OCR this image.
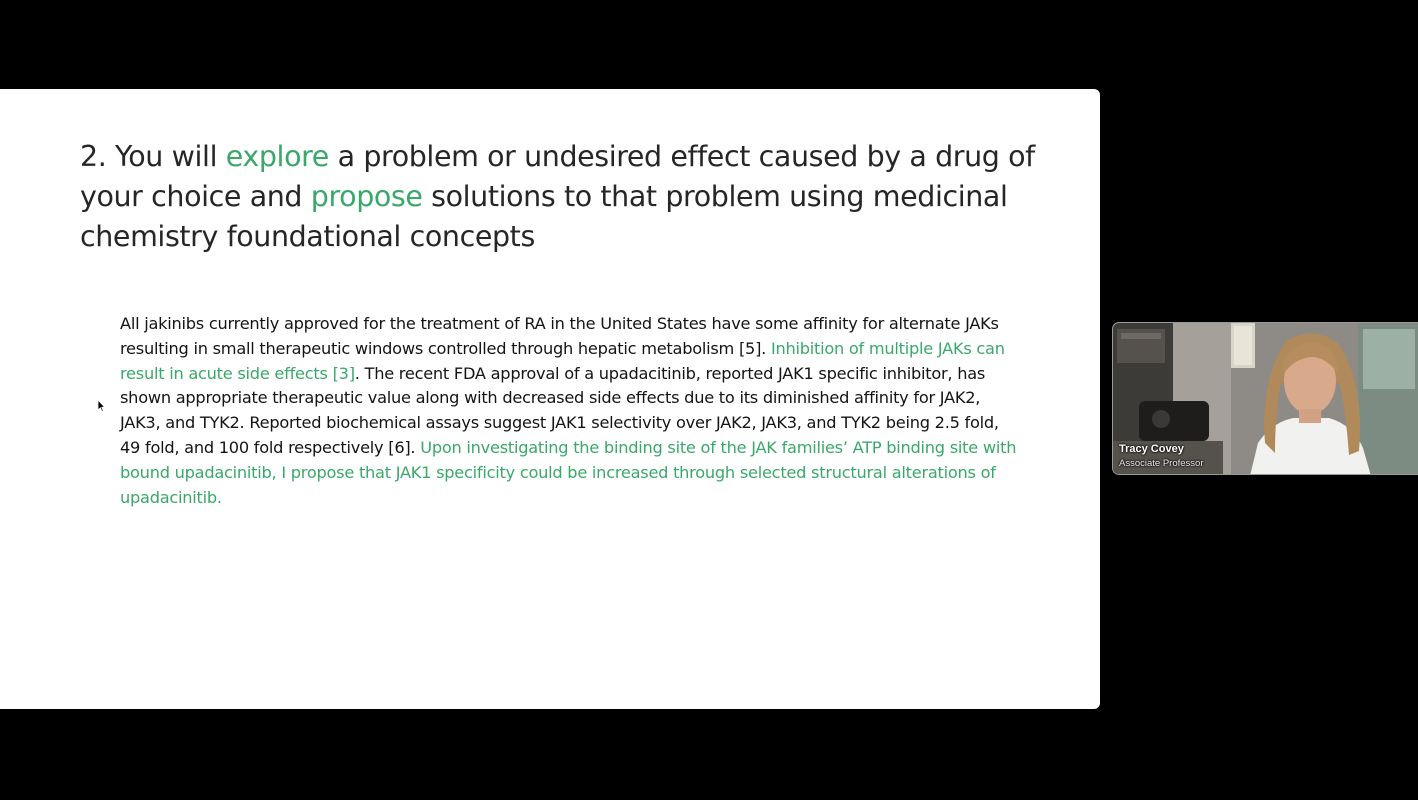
2. You will explore a problem or undesired effect caused by a drug of your choice and propose solutions to that problem using medicinal chemistry foundational concepts

All jakinibs currently approved for the treatment of RA in the United States have some affinity for alternate JAKs resulting in small therapeutic windows controlled through hepatic metabolism [5]. Inhibition of multiple JAKs can result in acute side effects [3]. The recent FDA approval of a upadacitinib, reported JAK1 specific inhibitor, has shown appropriate therapeutic value along with decreased side effects due to its diminished affinity for JAK2, JAK3, and TYK2. Reported biochemical assays suggest JAK1 selectivity over JAK2, JAK3, and TYK2 being 2.5 fold, 49 fold, and 100 fold respectively [6]. Upon investigating the binding site of the JAK families’ ATP binding site with bound upadacinitib, I propose that JAK1 specificity could be increased through selected structural alterations of upadacinitib.

Tracy Covey
Associate Professor
